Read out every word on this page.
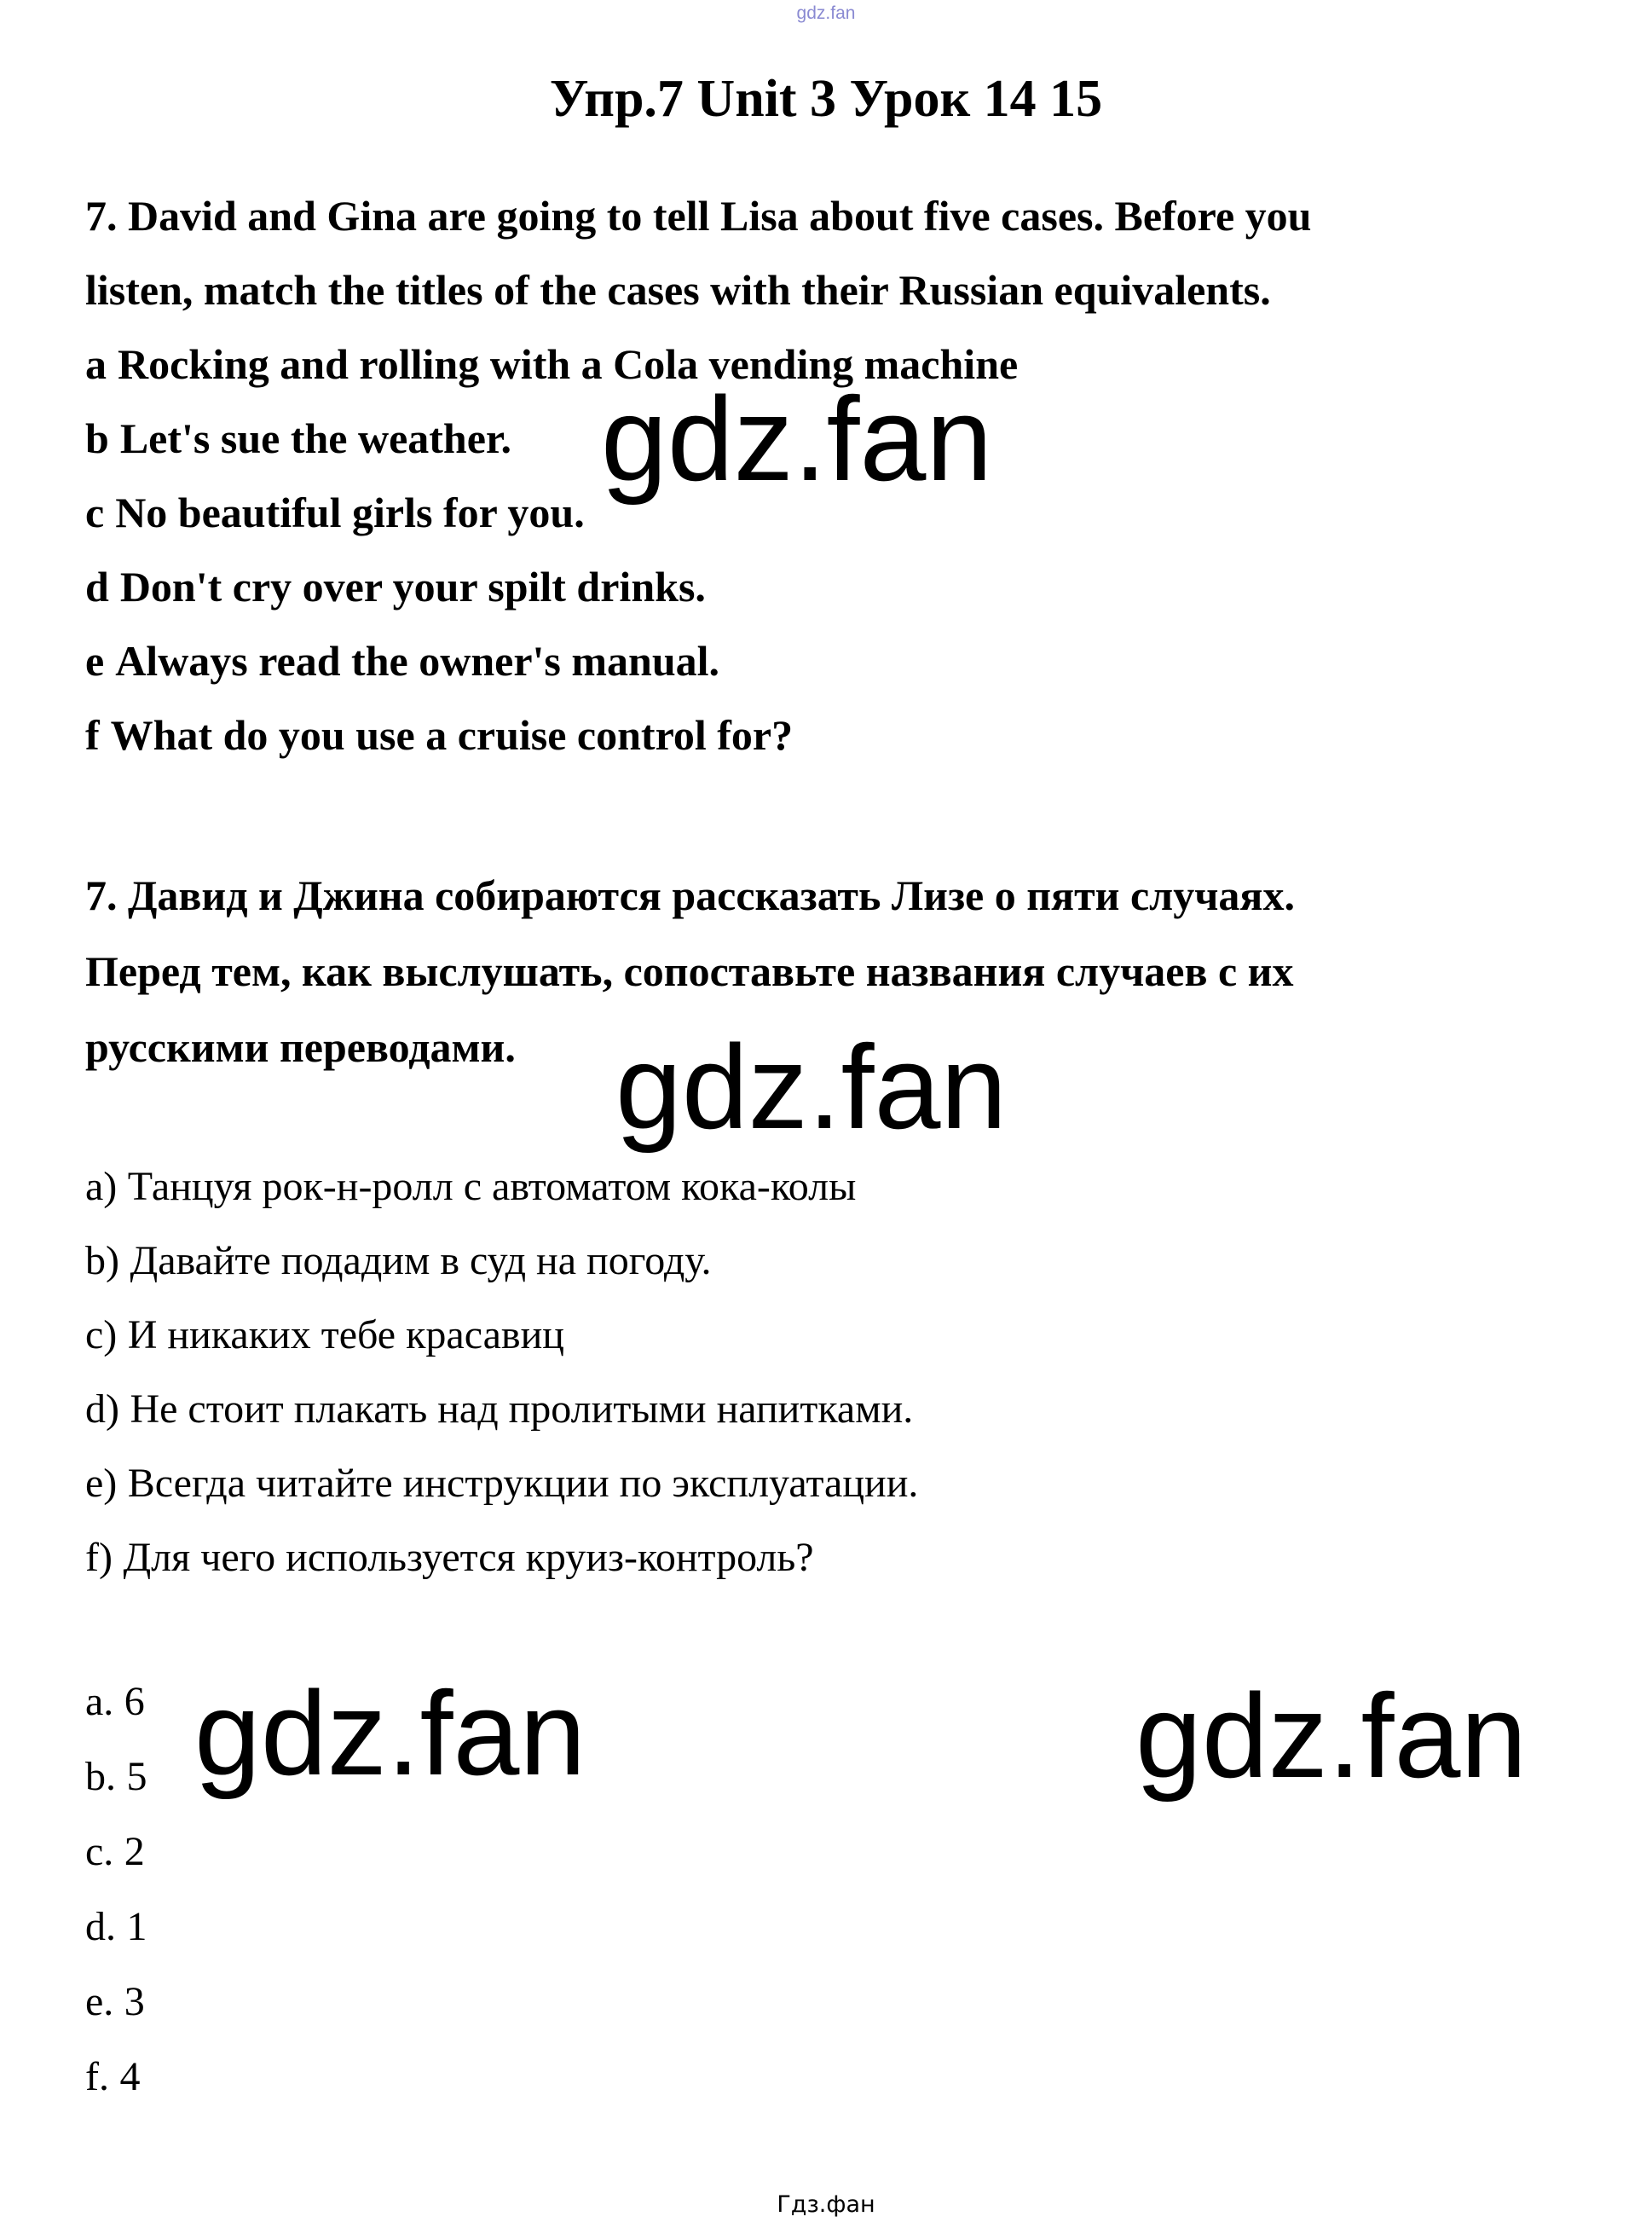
gdz.fan
Упр.7 Unit 3 Урок 14 15
7. David and Gina are going to tell Lisa about five cases. Before you
listen, match the titles of the cases with their Russian equivalents.
a Rocking and rolling with a Cola vending machine
b Let's sue the weather.
c No beautiful girls for you.
d Don't cry over your spilt drinks.
e Always read the owner's manual.
f What do you use a cruise control for?
gdz.fan
7. Давид и Джина собираются рассказать Лизе о пяти случаях.
Перед тем, как выслушать, сопоставьте названия случаев с их
русскими переводами. gdz.fan
a) Танцуя рок-н-ролл с автоматом кока-колы
b) Давайте подадим в суд на погоду.
c) И никаких тебе красавиц
d) Не стоит плакать над пролитыми напитками.
e) Всегда читайте инструкции по эксплуатации.
f) Для чего используется круиз-контроль?
a. 6
b. 5
c. 2
d. 1
e. 3
f. 4
gdz.fan	gdz.fan
Гдз.фан
